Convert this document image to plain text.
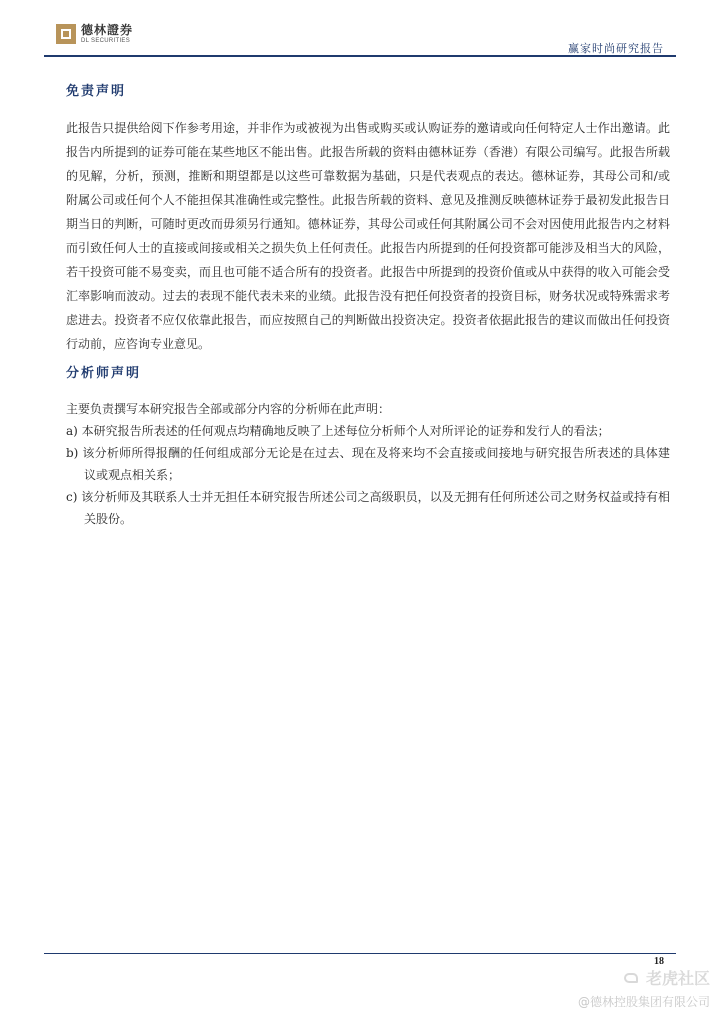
德林證券
DL SECURITIES
赢家时尚研究报告
免责声明
此报告只提供给阅下作参考用途，并非作为或被视为出售或购买或认购证券的邀请或向任何特定人士作出邀请。此报告内所提到的证券可能在某些地区不能出售。此报告所载的资料由德林证券（香港）有限公司编写。此报告所载的见解，分析，预测，推断和期望都是以这些可靠数据为基础，只是代表观点的表达。德林证券，其母公司和/或附属公司或任何个人不能担保其准确性或完整性。此报告所载的资料、意见及推测反映德林证券于最初发此报告日期当日的判断，可随时更改而毋须另行通知。德林证券，其母公司或任何其附属公司不会对因使用此报告内之材料而引致任何人士的直接或间接或相关之损失负上任何责任。此报告内所提到的任何投资都可能涉及相当大的风险，若干投资可能不易变卖，而且也可能不适合所有的投资者。此报告中所提到的投资价值或从中获得的收入可能会受汇率影响而波动。过去的表现不能代表未来的业绩。此报告没有把任何投资者的投资目标，财务状况或特殊需求考虑进去。投资者不应仅依靠此报告，而应按照自己的判断做出投资决定。投资者依据此报告的建议而做出任何投资行动前，应咨询专业意见。
分析师声明

主要负责撰写本研究报告全部或部分内容的分析师在此声明：

a) 本研究报告所表述的任何观点均精确地反映了上述每位分析师个人对所评论的证券和发行人的看法；

b) 该分析师所得报酬的任何组成部分无论是在过去、现在及将来均不会直接或间接地与研究报告所表述的具体建议或观点相关系；

c) 该分析师及其联系人士并无担任本研究报告所述公司之高级职员，以及无拥有任何所述公司之财务权益或持有相关股份。

18
老虎社区
@德林控股集团有限公司
